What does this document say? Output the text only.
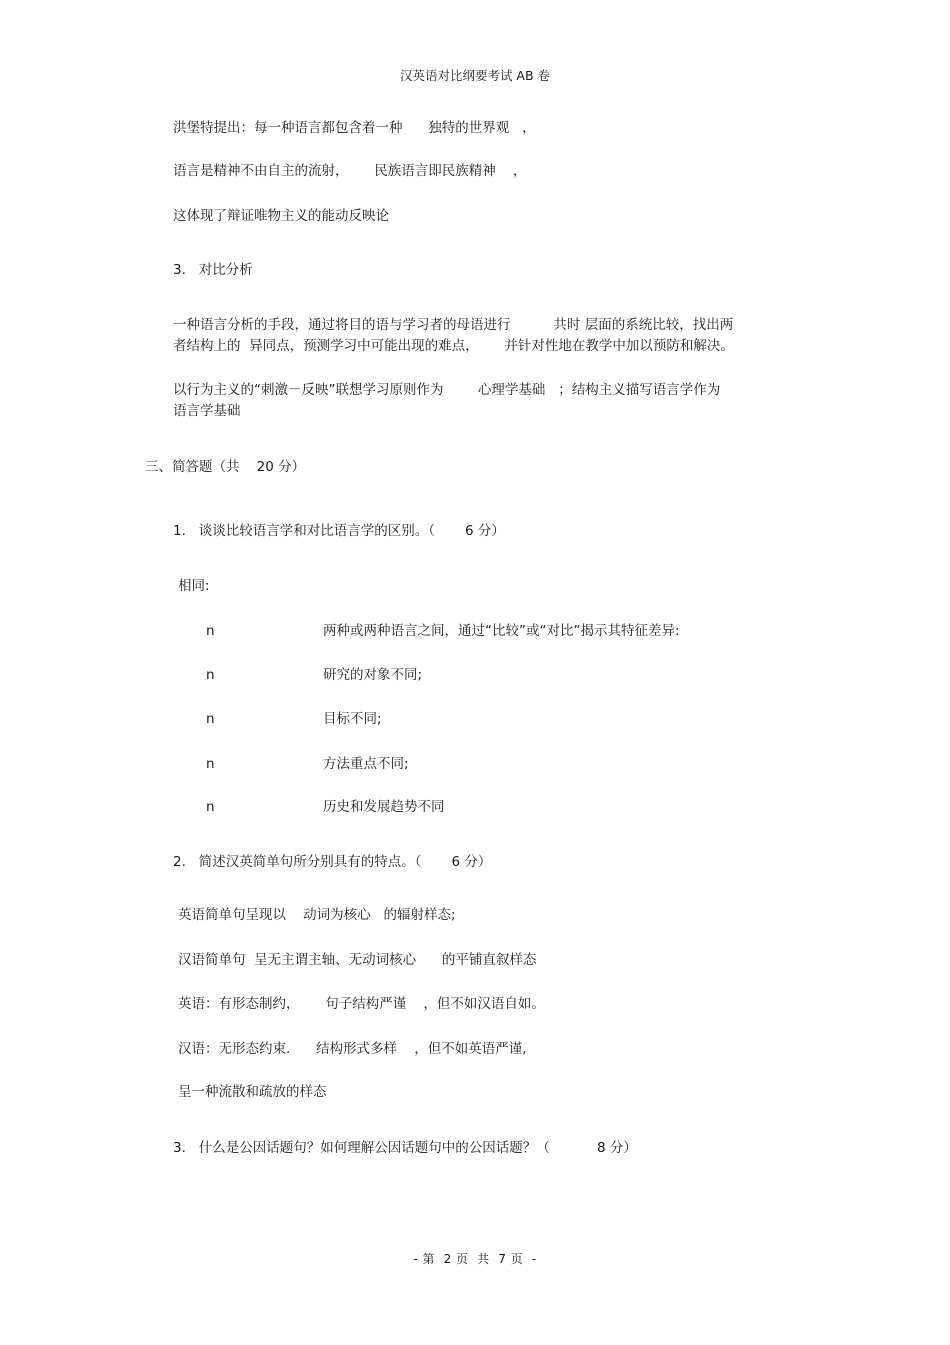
汉英语对比纲要考试 AB 卷
洪堡特提出：每一种语言都包含着一种      独特的世界观   ，
语言是精神不由自主的流射，      民族语言即民族精神    ，
这体现了辩证唯物主义的能动反映论
3.   对比分析
一种语言分析的手段，通过将目的语与学习者的母语进行          共时 层面的系统比较，找出两
者结构上的  异同点，预测学习中可能出现的难点，      并针对性地在教学中加以预防和解决。
以行为主义的“刺激－反映”联想学习原则作为        心理学基础   ；结构主义描写语言学作为
语言学基础
三、简答题（共    20 分）
1.   谈谈比较语言学和对比语言学的区别。（       6 分）
相同:
n	两种或两种语言之间，通过“比较”或“对比”揭示其特征差异:
n	研究的对象不同;
n	目标不同;
n	方法重点不同;
n	历史和发展趋势不同
2.   简述汉英简单句所分别具有的特点。（       6 分）
英语简单句呈现以    动词为核心   的辐射样态;
汉语简单句  呈无主谓主轴、无动词核心      的平铺直叙样态
英语：有形态制约，      句子结构严谨    ，但不如汉语自如。
汉语：无形态约束.      结构形式多样    ，但不如英语严谨,
呈一种流散和疏放的样态
3.   什么是公因话题句？如何理解公因话题句中的公因话题？（           8 分）
- 第  2 页  共  7 页  -
